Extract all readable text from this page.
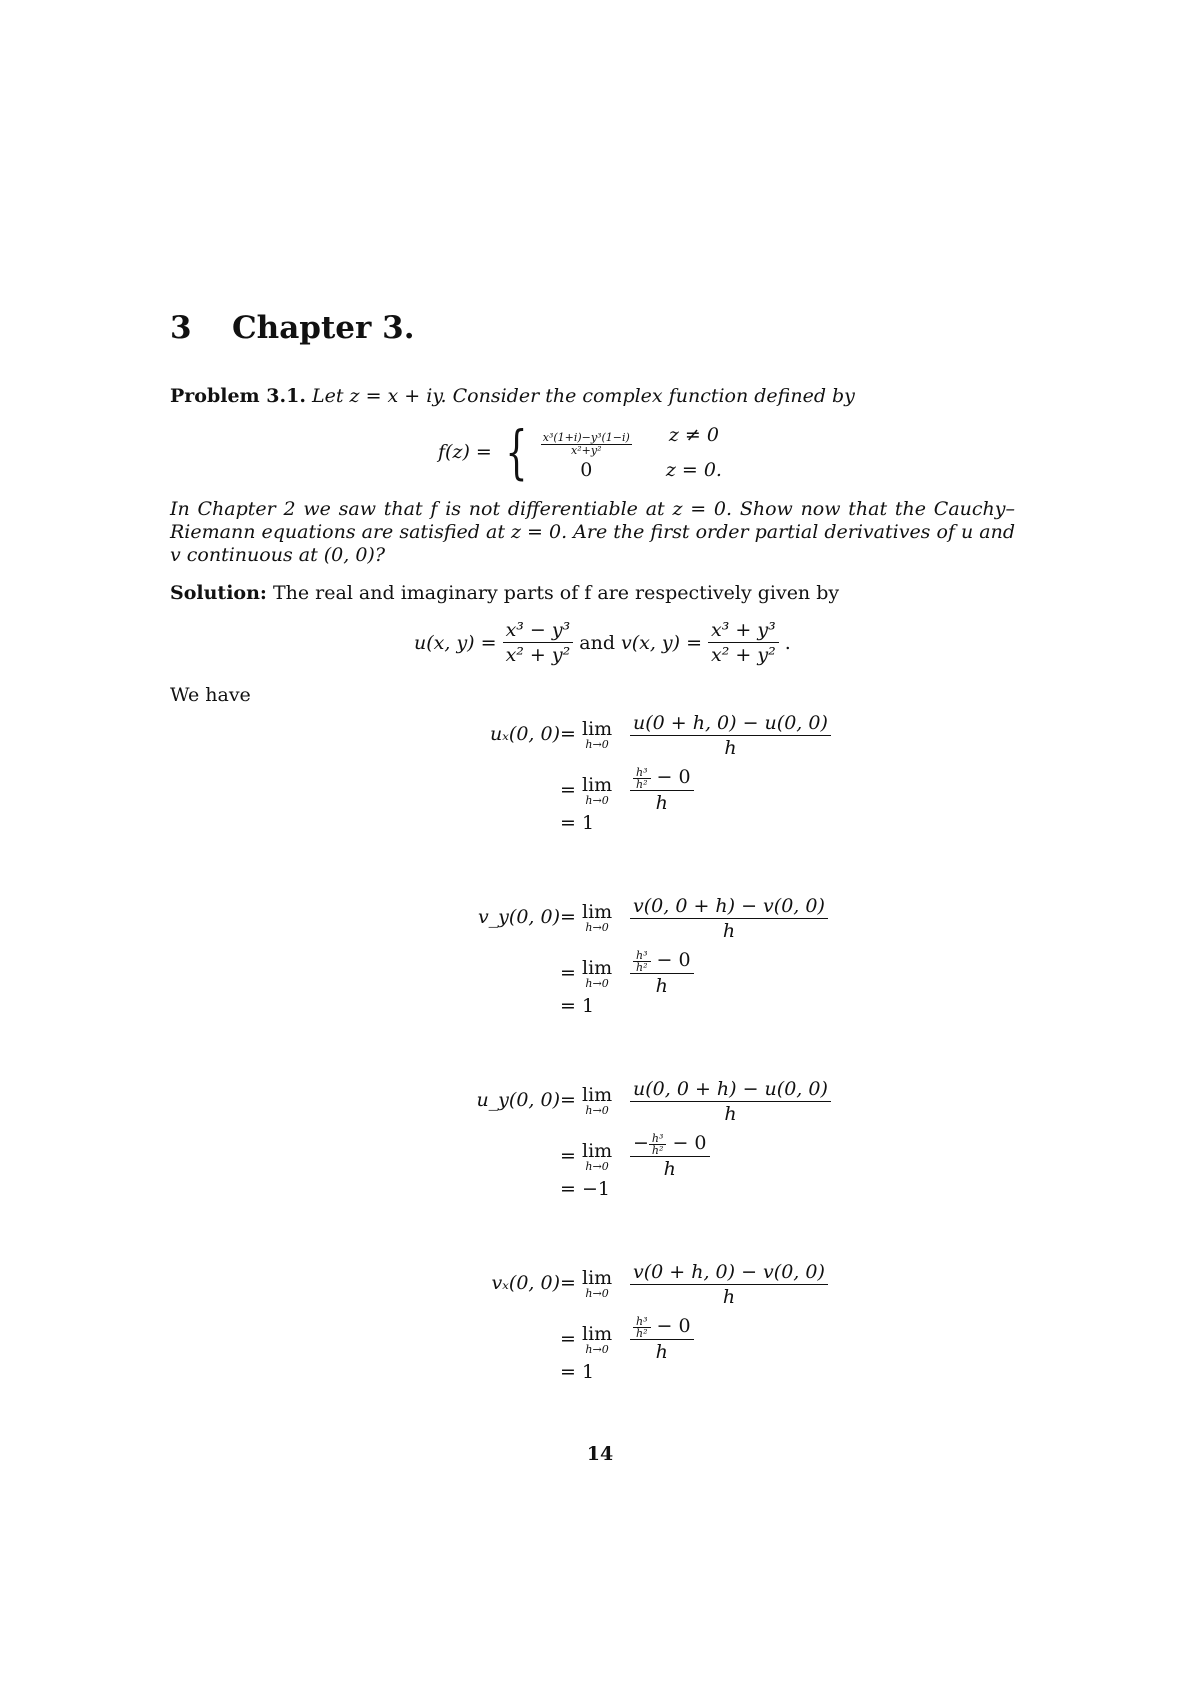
3 Chapter 3.
Problem 3.1. Let z = x + iy. Consider the complex function defined by
f(z) = { $\frac{\text{x³(1+i)−y³(1−i)}}{\text{x²+y²}}$ z ≠ 0
0	z = 0.
In Chapter 2 we saw that f is not differentiable at z = 0. Show now that the Cauchy–Riemann equations are satisfied at z = 0. Are the first order partial derivatives of u and v continuous at (0, 0)?
Solution: The real and imaginary parts of f are respectively given by
u(x, $y) = \frac{\text{x³ − y³}}{\text{x² + y²}}$ and v(x, $y) = \frac{\text{x³ + y³}}{\text{x² + y²}}$ .
We have
uₓ(0, 0) = lim
$h\to 0 \frac{u(0 + h, 0) - u(0, 0)}{h}$
= lim
$h\to 0 \frac{\frac{\text{h³}}{\text{h²}} - 0}{h}$
= 1
v_y(0, 0) = lim
$h\to 0 \frac{v(0, 0 + h) - v(0, 0)}{h}$
= lim
$h\to 0 \frac{\frac{\text{h³}}{\text{h²}} - 0}{h}$
= 1
u_y(0, 0) = lim
$h\to 0 \frac{u(0, 0 + h) - u(0, 0)}{h}$
= lim
$h\to 0 \frac{- \frac{\text{h³}}{\text{h²}} - 0}{h}$
= −1
vₓ(0, 0) = lim
$h\to 0 \frac{v(0 + h, 0) - v(0, 0)}{h}$
= lim
$h\to 0 \frac{\frac{\text{h³}}{\text{h²}} - 0}{h}$
= 1
14
